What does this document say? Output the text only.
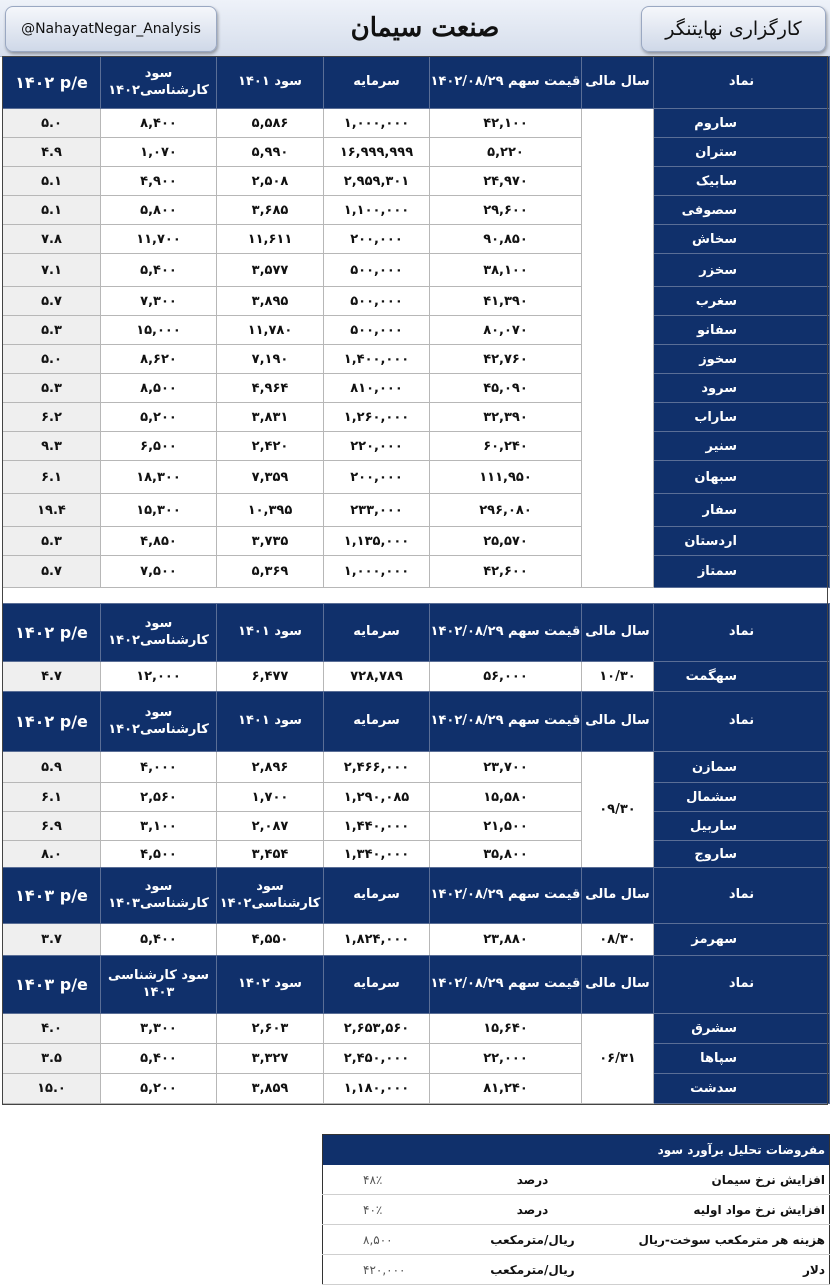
@NahayatNegar_Analysis	صنعت سیمان	کارگزاری نهایتنگر
۱۴۰۲ p/e	سود کارشناسی۱۴۰۲	سود ۱۴۰۱	سرمایه	قیمت سهم ۱۴۰۲/۰۸/۲۹	سال مالی	نماد
۵.۰	۸,۴۰۰	۵,۵۸۶	۱,۰۰۰,۰۰۰	۴۲,۱۰۰		ساروم
۴.۹	۱,۰۷۰	۵,۹۹۰	۱۶,۹۹۹,۹۹۹	۵,۲۲۰		ستران
۵.۱	۴,۹۰۰	۲,۵۰۸	۲,۹۵۹,۳۰۱	۲۴,۹۷۰		سابیک
۵.۱	۵,۸۰۰	۳,۶۸۵	۱,۱۰۰,۰۰۰	۲۹,۶۰۰		سصوفی
۷.۸	۱۱,۷۰۰	۱۱,۶۱۱	۲۰۰,۰۰۰	۹۰,۸۵۰		سخاش
۷.۱	۵,۴۰۰	۳,۵۷۷	۵۰۰,۰۰۰	۳۸,۱۰۰		سخزر
۵.۷	۷,۳۰۰	۳,۸۹۵	۵۰۰,۰۰۰	۴۱,۳۹۰		سغرب
۵.۳	۱۵,۰۰۰	۱۱,۷۸۰	۵۰۰,۰۰۰	۸۰,۰۷۰		سفانو
۵.۰	۸,۶۲۰	۷,۱۹۰	۱,۴۰۰,۰۰۰	۴۲,۷۶۰		سخوز
۵.۳	۸,۵۰۰	۴,۹۶۴	۸۱۰,۰۰۰	۴۵,۰۹۰		سرود
۶.۲	۵,۲۰۰	۳,۸۳۱	۱,۲۶۰,۰۰۰	۳۲,۳۹۰		ساراب
۹.۳	۶,۵۰۰	۲,۴۲۰	۲۲۰,۰۰۰	۶۰,۲۴۰		سنیر
۶.۱	۱۸,۳۰۰	۷,۳۵۹	۲۰۰,۰۰۰	۱۱۱,۹۵۰		سبهان
۱۹.۴	۱۵,۳۰۰	۱۰,۳۹۵	۲۳۳,۰۰۰	۲۹۶,۰۸۰		سفار
۵.۳	۴,۸۵۰	۳,۷۳۵	۱,۱۳۵,۰۰۰	۲۵,۵۷۰		اردستان
۵.۷	۷,۵۰۰	۵,۳۶۹	۱,۰۰۰,۰۰۰	۴۲,۶۰۰		سمتاز
۱۴۰۲ p/e	سود کارشناسی۱۴۰۲	سود ۱۴۰۱	سرمایه	قیمت سهم ۱۴۰۲/۰۸/۲۹	سال مالی	نماد
۴.۷	۱۲,۰۰۰	۶,۴۷۷	۷۲۸,۷۸۹	۵۶,۰۰۰	۱۰/۳۰	سهگمت
۱۴۰۲ p/e	سود کارشناسی۱۴۰۲	سود ۱۴۰۱	سرمایه	قیمت سهم ۱۴۰۲/۰۸/۲۹	سال مالی	نماد
۵.۹	۴,۰۰۰	۲,۸۹۶	۲,۴۶۶,۰۰۰	۲۳,۷۰۰	۰۹/۳۰	سمازن
۶.۱	۲,۵۶۰	۱,۷۰۰	۱,۲۹۰,۰۸۵	۱۵,۵۸۰		سشمال
۶.۹	۳,۱۰۰	۲,۰۸۷	۱,۴۴۰,۰۰۰	۲۱,۵۰۰		ساربیل
۸.۰	۴,۵۰۰	۳,۴۵۴	۱,۳۴۰,۰۰۰	۳۵,۸۰۰		ساروج
۱۴۰۳ p/e	سود کارشناسی۱۴۰۳	سود کارشناسی۱۴۰۲	سرمایه	قیمت سهم ۱۴۰۲/۰۸/۲۹	سال مالی	نماد
۳.۷	۵,۴۰۰	۴,۵۵۰	۱,۸۲۴,۰۰۰	۲۳,۸۸۰	۰۸/۳۰	سهرمز
۱۴۰۳ p/e	سود کارشناسی ۱۴۰۳	سود ۱۴۰۲	سرمایه	قیمت سهم ۱۴۰۲/۰۸/۲۹	سال مالی	نماد
۴.۰	۳,۳۰۰	۲,۶۰۳	۲,۶۵۳,۵۶۰	۱۵,۶۴۰	۰۶/۳۱	سشرق
۳.۵	۵,۴۰۰	۳,۳۲۷	۲,۴۵۰,۰۰۰	۲۲,۰۰۰		سپاها
۱۵.۰	۵,۲۰۰	۳,۸۵۹	۱,۱۸۰,۰۰۰	۸۱,۲۴۰		سدشت
مفروضات تحلیل برآورد سود		
۴۸٪	درصد	افزایش نرخ سیمان
۴۰٪	درصد	افزایش نرخ مواد اولیه
۸,۵۰۰	ریال/مترمکعب	هزینه هر مترمکعب سوخت-ریال
۴۲۰,۰۰۰	ریال/مترمکعب	دلار
